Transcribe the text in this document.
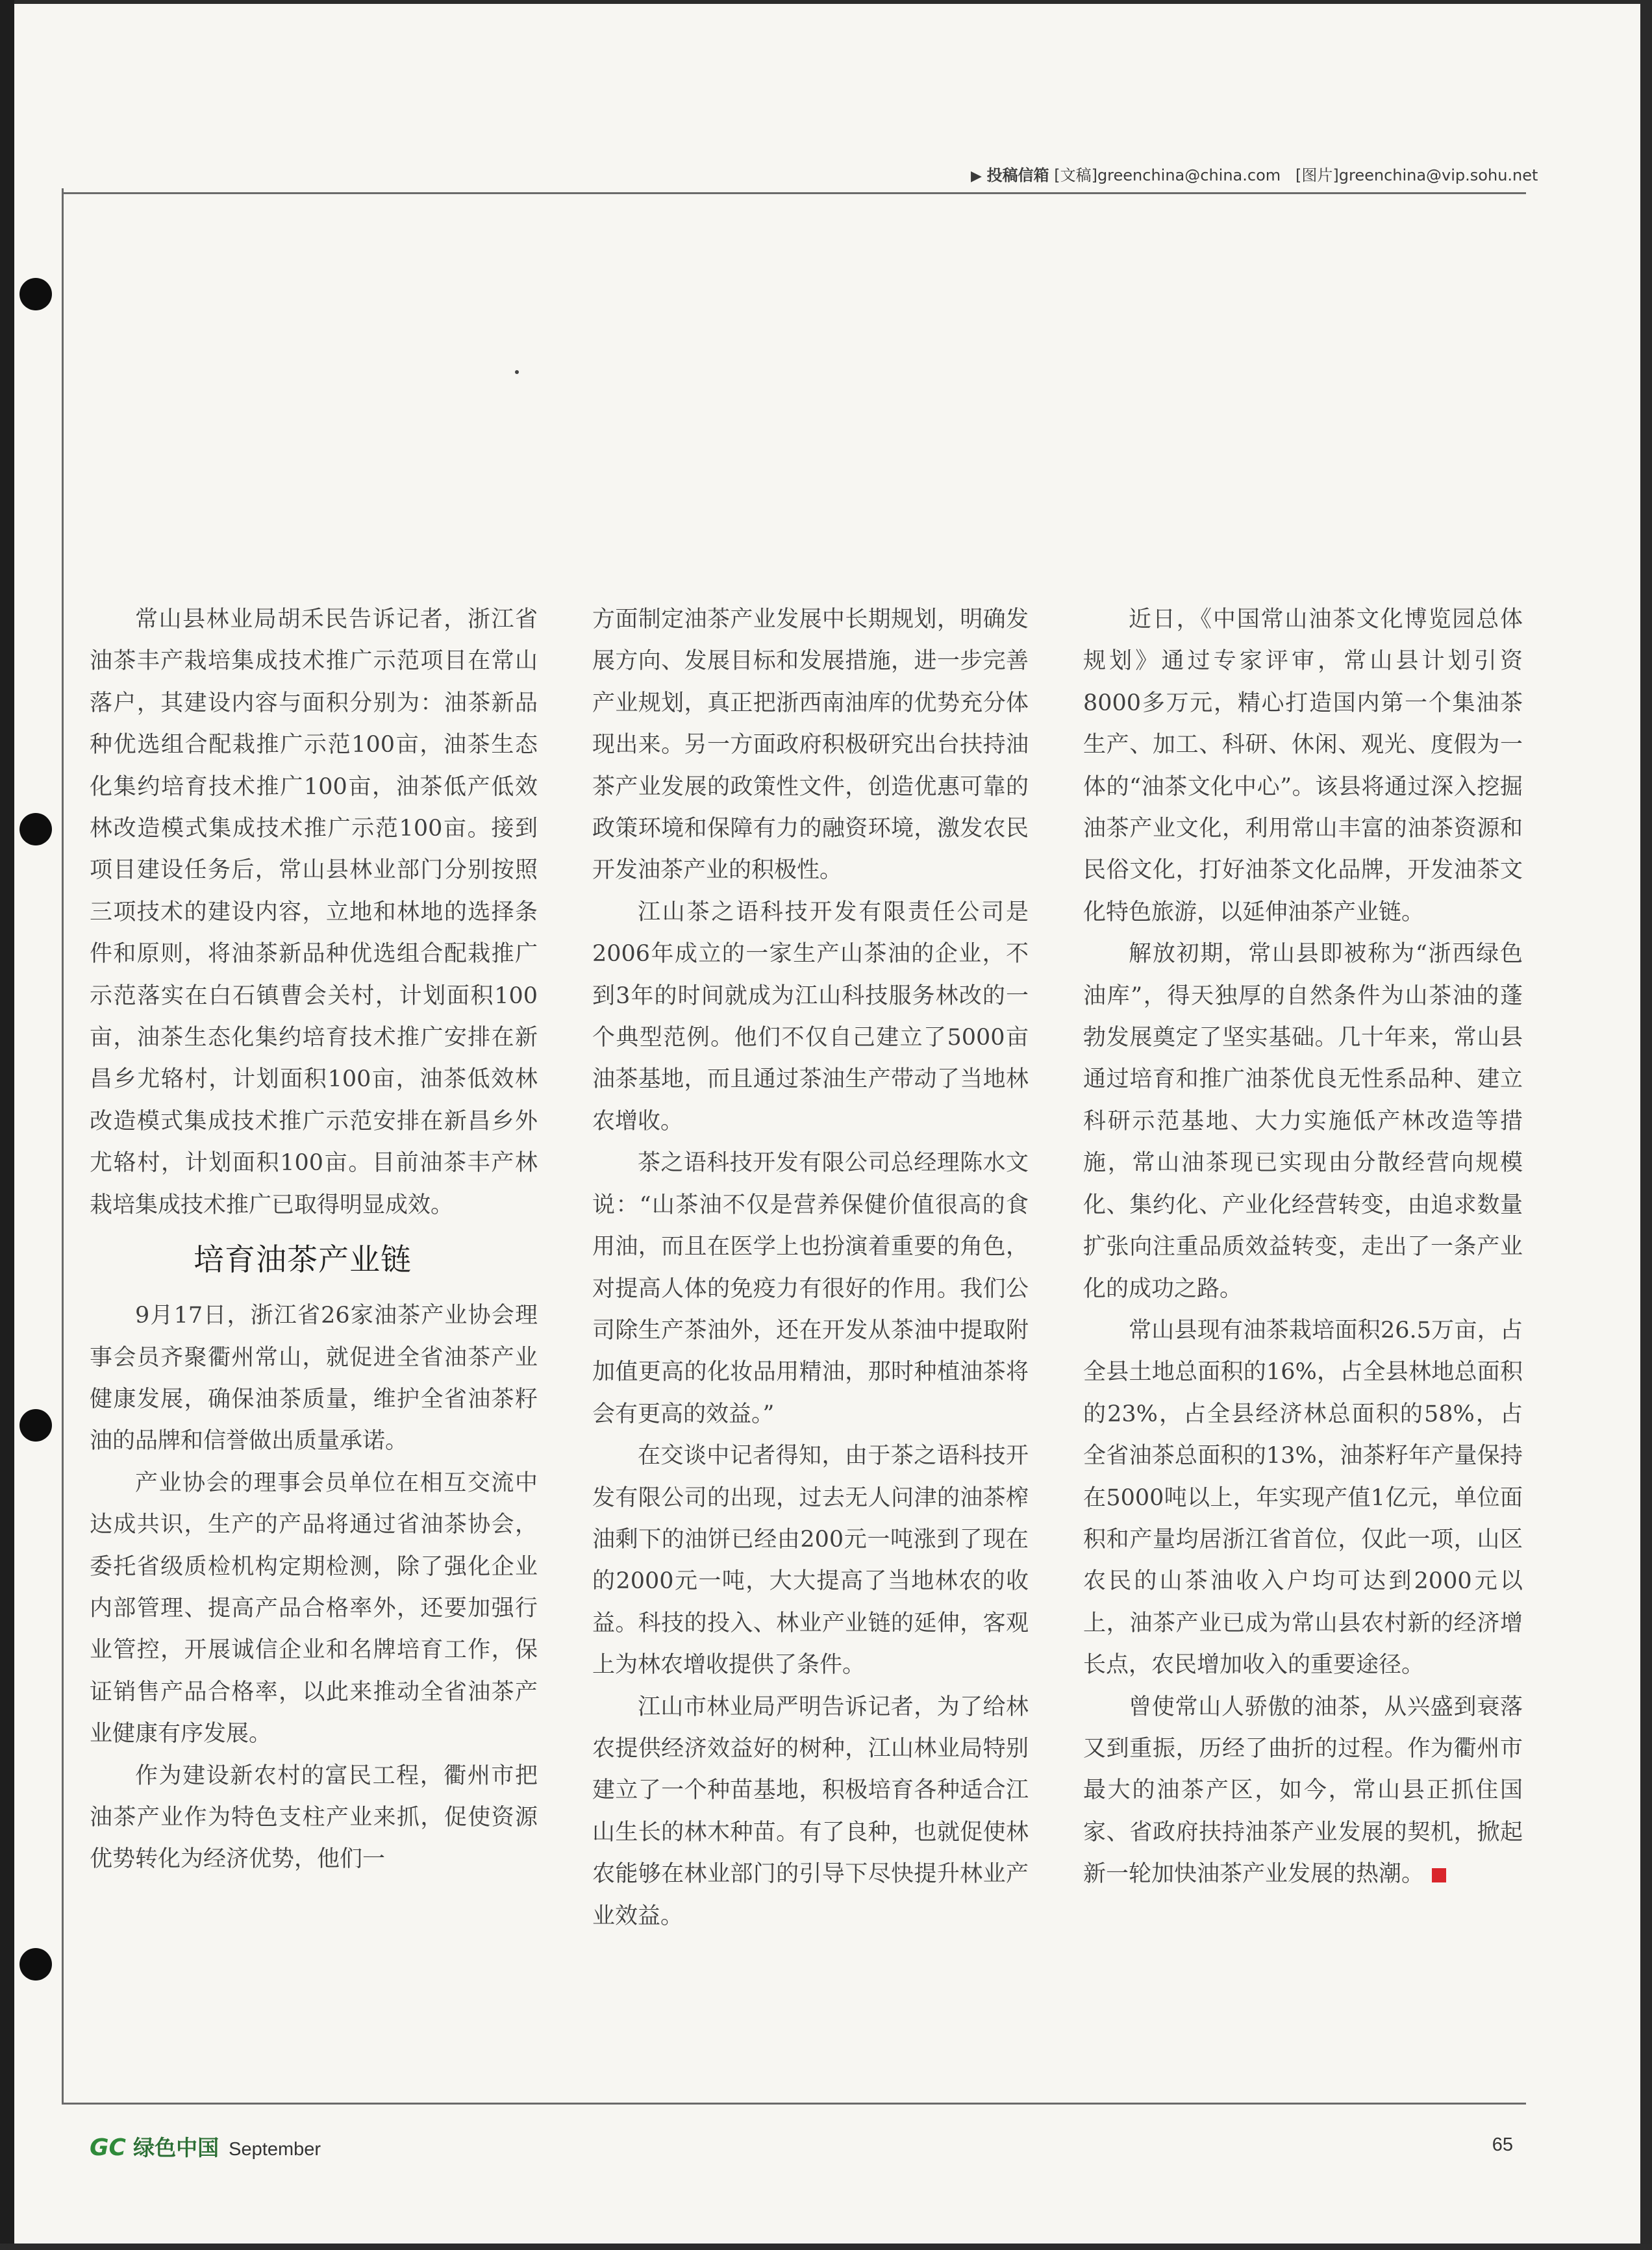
▶ 投稿信箱 [文稿]greenchina@china.com [图片]greenchina@vip.sohu.net

常山县林业局胡禾民告诉记者，浙江省油茶丰产栽培集成技术推广示范项目在常山落户，其建设内容与面积分别为：油茶新品种优选组合配栽推广示范100亩，油茶生态化集约培育技术推广100亩，油茶低产低效林改造模式集成技术推广示范100亩。接到项目建设任务后，常山县林业部门分别按照三项技术的建设内容，立地和林地的选择条件和原则，将油茶新品种优选组合配栽推广示范落实在白石镇曹会关村，计划面积100亩，油茶生态化集约培育技术推广安排在新昌乡尤辂村，计划面积100亩，油茶低效林改造模式集成技术推广示范安排在新昌乡外尤辂村，计划面积100亩。目前油茶丰产林栽培集成技术推广已取得明显成效。

培育油茶产业链

9月17日，浙江省26家油茶产业协会理事会员齐聚衢州常山，就促进全省油茶产业健康发展，确保油茶质量，维护全省油茶籽油的品牌和信誉做出质量承诺。

产业协会的理事会员单位在相互交流中达成共识，生产的产品将通过省油茶协会，委托省级质检机构定期检测，除了强化企业内部管理、提高产品合格率外，还要加强行业管控，开展诚信企业和名牌培育工作，保证销售产品合格率，以此来推动全省油茶产业健康有序发展。

作为建设新农村的富民工程，衢州市把油茶产业作为特色支柱产业来抓，促使资源优势转化为经济优势，他们一

方面制定油茶产业发展中长期规划，明确发展方向、发展目标和发展措施，进一步完善产业规划，真正把浙西南油库的优势充分体现出来。另一方面政府积极研究出台扶持油茶产业发展的政策性文件，创造优惠可靠的政策环境和保障有力的融资环境，激发农民开发油茶产业的积极性。

江山茶之语科技开发有限责任公司是2006年成立的一家生产山茶油的企业，不到3年的时间就成为江山科技服务林改的一个典型范例。他们不仅自己建立了5000亩油茶基地，而且通过茶油生产带动了当地林农增收。

茶之语科技开发有限公司总经理陈水文说：“山茶油不仅是营养保健价值很高的食用油，而且在医学上也扮演着重要的角色，对提高人体的免疫力有很好的作用。我们公司除生产茶油外，还在开发从茶油中提取附加值更高的化妆品用精油，那时种植油茶将会有更高的效益。”

在交谈中记者得知，由于茶之语科技开发有限公司的出现，过去无人问津的油茶榨油剩下的油饼已经由200元一吨涨到了现在的2000元一吨，大大提高了当地林农的收益。科技的投入、林业产业链的延伸，客观上为林农增收提供了条件。

江山市林业局严明告诉记者，为了给林农提供经济效益好的树种，江山林业局特别建立了一个种苗基地，积极培育各种适合江山生长的林木种苗。有了良种，也就促使林农能够在林业部门的引导下尽快提升林业产业效益。

近日，《中国常山油茶文化博览园总体规划》通过专家评审，常山县计划引资8000多万元，精心打造国内第一个集油茶生产、加工、科研、休闲、观光、度假为一体的“油茶文化中心”。该县将通过深入挖掘油茶产业文化，利用常山丰富的油茶资源和民俗文化，打好油茶文化品牌，开发油茶文化特色旅游，以延伸油茶产业链。

解放初期，常山县即被称为“浙西绿色油库”，得天独厚的自然条件为山茶油的蓬勃发展奠定了坚实基础。几十年来，常山县通过培育和推广油茶优良无性系品种、建立科研示范基地、大力实施低产林改造等措施，常山油茶现已实现由分散经营向规模化、集约化、产业化经营转变，由追求数量扩张向注重品质效益转变，走出了一条产业化的成功之路。

常山县现有油茶栽培面积26.5万亩，占全县土地总面积的16%，占全县林地总面积的23%，占全县经济林总面积的58%，占全省油茶总面积的13%，油茶籽年产量保持在5000吨以上，年实现产值1亿元，单位面积和产量均居浙江省首位，仅此一项，山区农民的山茶油收入户均可达到2000元以上，油茶产业已成为常山县农村新的经济增长点，农民增加收入的重要途径。

曾使常山人骄傲的油茶，从兴盛到衰落又到重振，历经了曲折的过程。作为衢州市最大的油茶产区，如今，常山县正抓住国家、省政府扶持油茶产业发展的契机，掀起新一轮加快油茶产业发展的热潮。

GC 绿色中国 September	65
